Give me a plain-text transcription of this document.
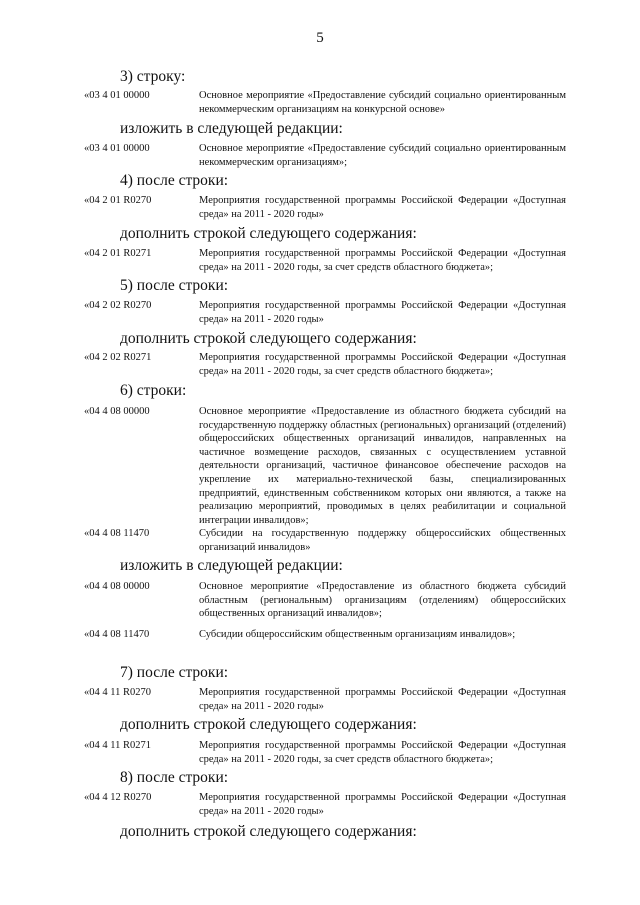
5
3) строку:
«03 4 01 00000	Основное мероприятие «Предоставление субсидий социально ориентированным некоммерческим организациям на конкурсной основе»
изложить в следующей редакции:
«03 4 01 00000	Основное мероприятие «Предоставление субсидий социально ориентированным некоммерческим организациям»;
4) после строки:
«04 2 01 R0270	Мероприятия государственной программы Российской Федерации «Доступная среда» на 2011 - 2020 годы»
дополнить строкой следующего содержания:
«04 2 01 R0271	Мероприятия государственной программы Российской Федерации «Доступная среда» на 2011 - 2020 годы, за счет средств областного бюджета»;
5) после строки:
«04 2 02 R0270	Мероприятия государственной программы Российской Федерации «Доступная среда» на 2011 - 2020 годы»
дополнить строкой следующего содержания:
«04 2 02 R0271	Мероприятия государственной программы Российской Федерации «Доступная среда» на 2011 - 2020 годы, за счет средств областного бюджета»;
6) строки:
«04 4 08 00000	Основное мероприятие «Предоставление из областного бюджета субсидий на государственную поддержку областных (региональных) организаций (отделений) общероссийских общественных организаций инвалидов, направленных на частичное возмещение расходов, связанных с осуществлением уставной деятельности организаций, частичное финансовое обеспечение расходов на укрепление их материально-технической базы, специализированных предприятий, единственным собственником которых они являются, а также на реализацию мероприятий, проводимых в целях реабилитации и социальной интеграции инвалидов»;
«04 4 08 11470	Субсидии на государственную поддержку общероссийских общественных организаций инвалидов»
изложить в следующей редакции:
«04 4 08 00000	Основное мероприятие «Предоставление из областного бюджета субсидий областным (региональным) организациям (отделениям) общероссийских общественных организаций инвалидов»;
«04 4 08 11470	Субсидии общероссийским общественным организациям инвалидов»;
7) после строки:
«04 4 11 R0270	Мероприятия государственной программы Российской Федерации «Доступная среда» на 2011 - 2020 годы»
дополнить строкой следующего содержания:
«04 4 11 R0271	Мероприятия государственной программы Российской Федерации «Доступная среда» на 2011 - 2020 годы, за счет средств областного бюджета»;
8) после строки:
«04 4 12 R0270	Мероприятия государственной программы Российской Федерации «Доступная среда» на 2011 - 2020 годы»
дополнить строкой следующего содержания:
